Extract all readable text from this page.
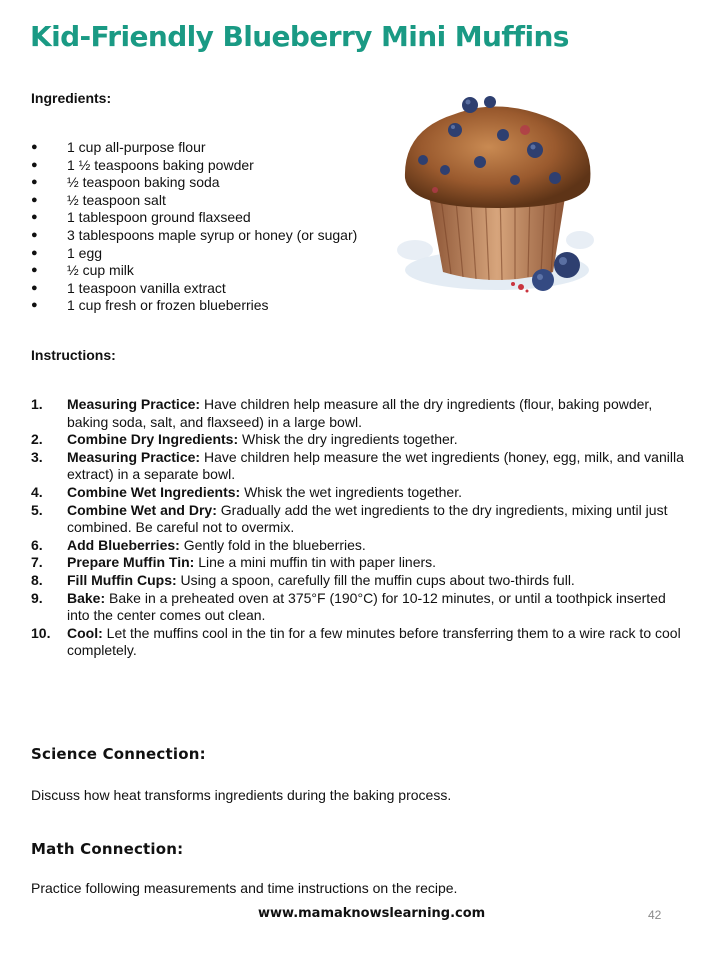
Kid-Friendly Blueberry Mini Muffins
Ingredients:
● 1 cup all-purpose flour
● 1 ½ teaspoons baking powder
● ½ teaspoon baking soda
● ½ teaspoon salt
● 1 tablespoon ground flaxseed
● 3 tablespoons maple syrup or honey (or sugar)
● 1 egg
● ½ cup milk
● 1 teaspoon vanilla extract
● 1 cup fresh or frozen blueberries
Instructions:
1. Measuring Practice: Have children help measure all the dry ingredients (flour, baking powder, baking soda, salt, and flaxseed) in a large bowl.
2. Combine Dry Ingredients: Whisk the dry ingredients together.
3. Measuring Practice: Have children help measure the wet ingredients (honey, egg, milk, and vanilla extract) in a separate bowl.
4. Combine Wet Ingredients: Whisk the wet ingredients together.
5. Combine Wet and Dry: Gradually add the wet ingredients to the dry ingredients, mixing until just combined. Be careful not to overmix.
6. Add Blueberries: Gently fold in the blueberries.
7. Prepare Muffin Tin: Line a mini muffin tin with paper liners.
8. Fill Muffin Cups: Using a spoon, carefully fill the muffin cups about two-thirds full.
9. Bake: Bake in a preheated oven at 375°F (190°C) for 10-12 minutes, or until a toothpick inserted into the center comes out clean.
10. Cool: Let the muffins cool in the tin for a few minutes before transferring them to a wire rack to cool completely.
Science Connection:

Discuss how heat transforms ingredients during the baking process.

Math Connection:

Practice following measurements and time instructions on the recipe.

www.mamaknowslearning.com	42
